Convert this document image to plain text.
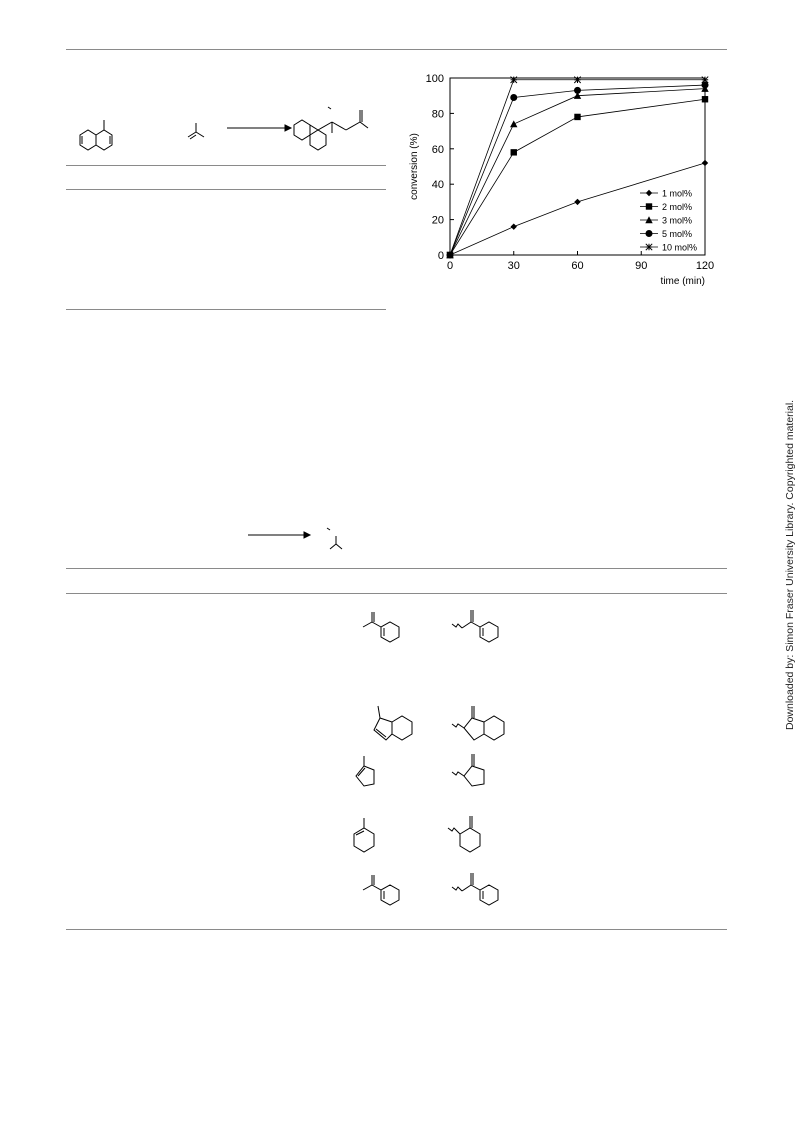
0	30	60	90	120
0
20
40
60
80
100
time (min)
conversion (%)	1 mol%
2 mol%
3 mol%
5 mol%
10 mol%
Downloaded by: Simon Fraser University Library. Copyrighted material.
